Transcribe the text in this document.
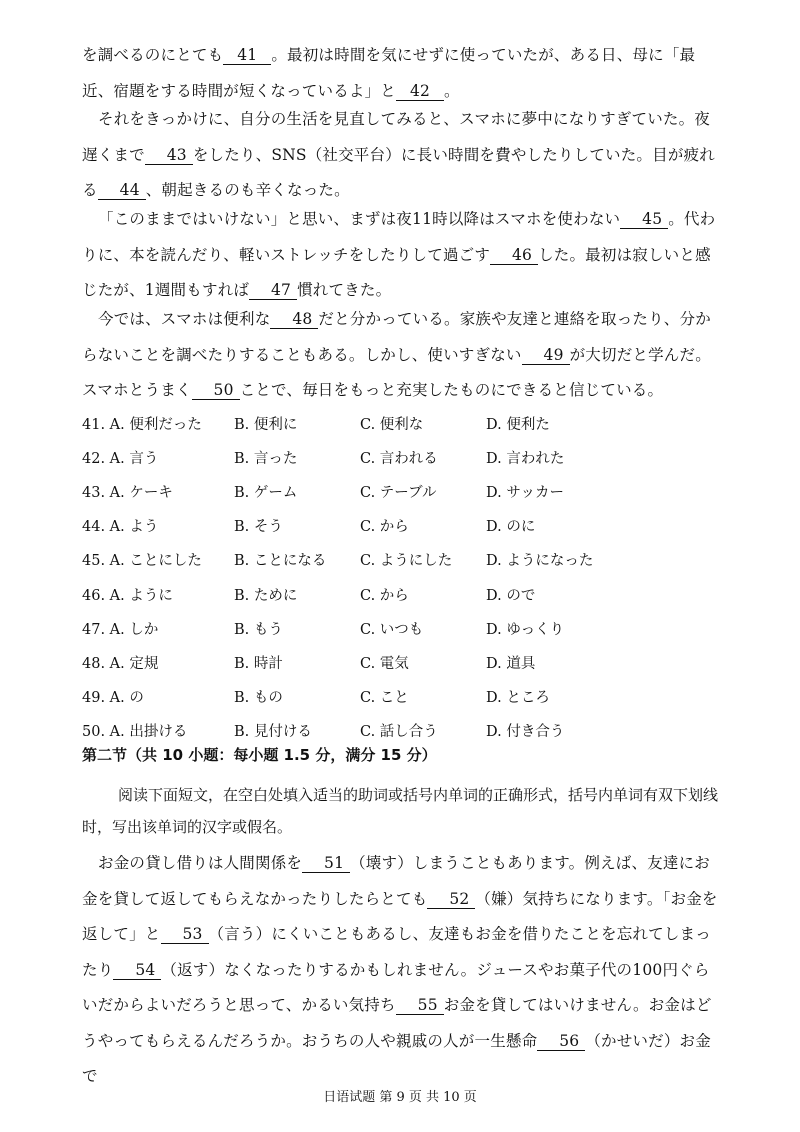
を調べるのにとても 41 。最初は時間を気にせずに使っていたが、ある日、母に「最近、宿題をする時間が短くなっているよ」と 42 。

それをきっかけに、自分の生活を見直してみると、スマホに夢中になりすぎていた。夜遅くまで 43 をしたり、SNS（社交平台）に長い時間を費やしたりしていた。目が疲れる 44 、朝起きるのも辛くなった。

「このままではいけない」と思い、まずは夜11時以降はスマホを使わない 45 。代わりに、本を読んだり、軽いストレッチをしたりして過ごす 46 した。最初は寂しいと感じたが、1週間もすれば 47 慣れてきた。

今では、スマホは便利な 48 だと分かっている。家族や友達と連絡を取ったり、分からないことを調べたりすることもある。しかし、使いすぎない 49 が大切だと学んだ。スマホとうまく 50 ことで、毎日をもっと充実したものにできると信じている。

41. A. 便利だった	B. 便利に	C. 便利な	D. 便利た
42. A. 言う	B. 言った	C. 言われる	D. 言われた
43. A. ケーキ	B. ゲーム	C. テーブル	D. サッカー
44. A. よう	B. そう	C. から	D. のに
45. A. ことにした	B. ことになる	C. ようにした	D. ようになった
46. A. ように	B. ために	C. から	D. ので
47. A. しか	B. もう	C. いつも	D. ゆっくり
48. A. 定規	B. 時計	C. 電気	D. 道具
49. A. の	B. もの	C. こと	D. ところ
50. A. 出掛ける	B. 見付ける	C. 話し合う	D. 付き合う

第二节（共 10 小题：每小题 1.5 分，满分 15 分）

阅读下面短文，在空白处填入适当的助词或括号内单词的正确形式，括号内单词有双下划线时，写出该单词的汉字或假名。

お金の貸し借りは人間関係を 51 （壊す）しまうこともあります。例えば、友達にお金を貸して返してもらえなかったりしたらとても 52 （嫌）気持ちになります。「お金を返して」と 53 （言う）にくいこともあるし、友達もお金を借りたことを忘れてしまったり 54 （返す）なくなったりするかもしれません。ジュースやお菓子代の100円ぐらいだからよいだろうと思って、かるい気持ち 55 お金を貸してはいけません。お金はどうやってもらえるんだろうか。おうちの人や親戚の人が一生懸命 56 （かせいだ）お金で

日语试题 第 9 页 共 10 页
